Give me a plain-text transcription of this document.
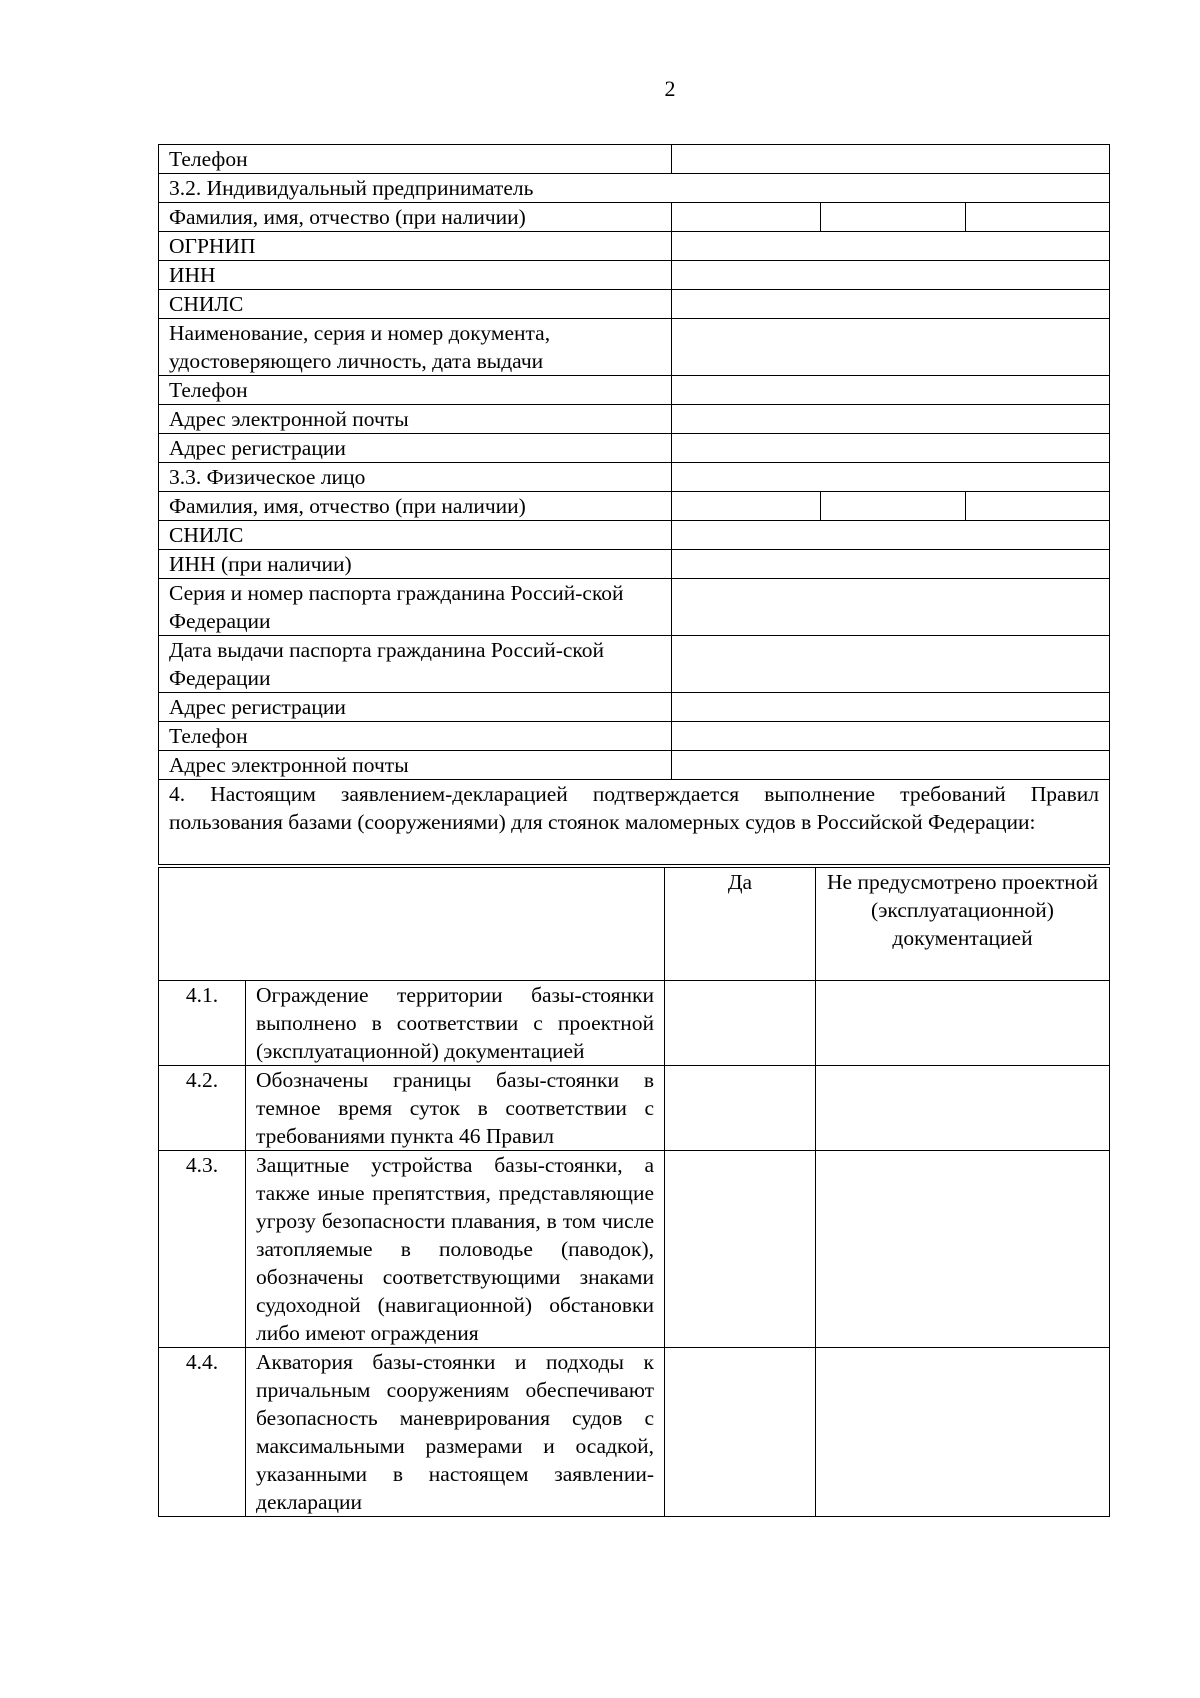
2
Телефон	
3.2. Индивидуальный предприниматель	
Фамилия, имя, отчество (при наличии)	

ОГРНИП	
ИНН	
СНИЛС	
Наименование, серия и номер документа, удостоверяющего личность, дата выдачи	
Телефон	
Адрес электронной почты	
Адрес регистрации	
3.3. Физическое лицо	
Фамилия, имя, отчество (при наличии)	

СНИЛС	
ИНН (при наличии)	
Серия и номер паспорта гражданина Россий-ской Федерации	
Дата выдачи паспорта гражданина Россий-ской Федерации	
Адрес регистрации	
Телефон	
Адрес электронной почты	
4. Настоящим заявлением-декларацией подтверждается выполнение требований Правил пользования базами (сооружениями) для стоянок маломерных судов в Российской Федерации:	
		Да	Не предусмотрено проектной (эксплуатационной) документацией
4.1.	Ограждение территории базы-стоянки выполнено в соответствии с проектной (эксплуатационной) документацией		
4.2.	Обозначены границы базы-стоянки в темное время суток в соответствии с требованиями пункта 46 Правил		
4.3.	Защитные устройства базы-стоянки, а также иные препятствия, представляющие угрозу безопасности плавания, в том числе затопляемые в половодье (паводок), обозначены соответствующими знаками судоходной (навигационной) обстановки либо имеют ограждения		
4.4.	Акватория базы-стоянки и подходы к причальным сооружениям обеспечивают безопасность маневрирования судов с максимальными размерами и осадкой, указанными в настоящем заявлении-декларации		
